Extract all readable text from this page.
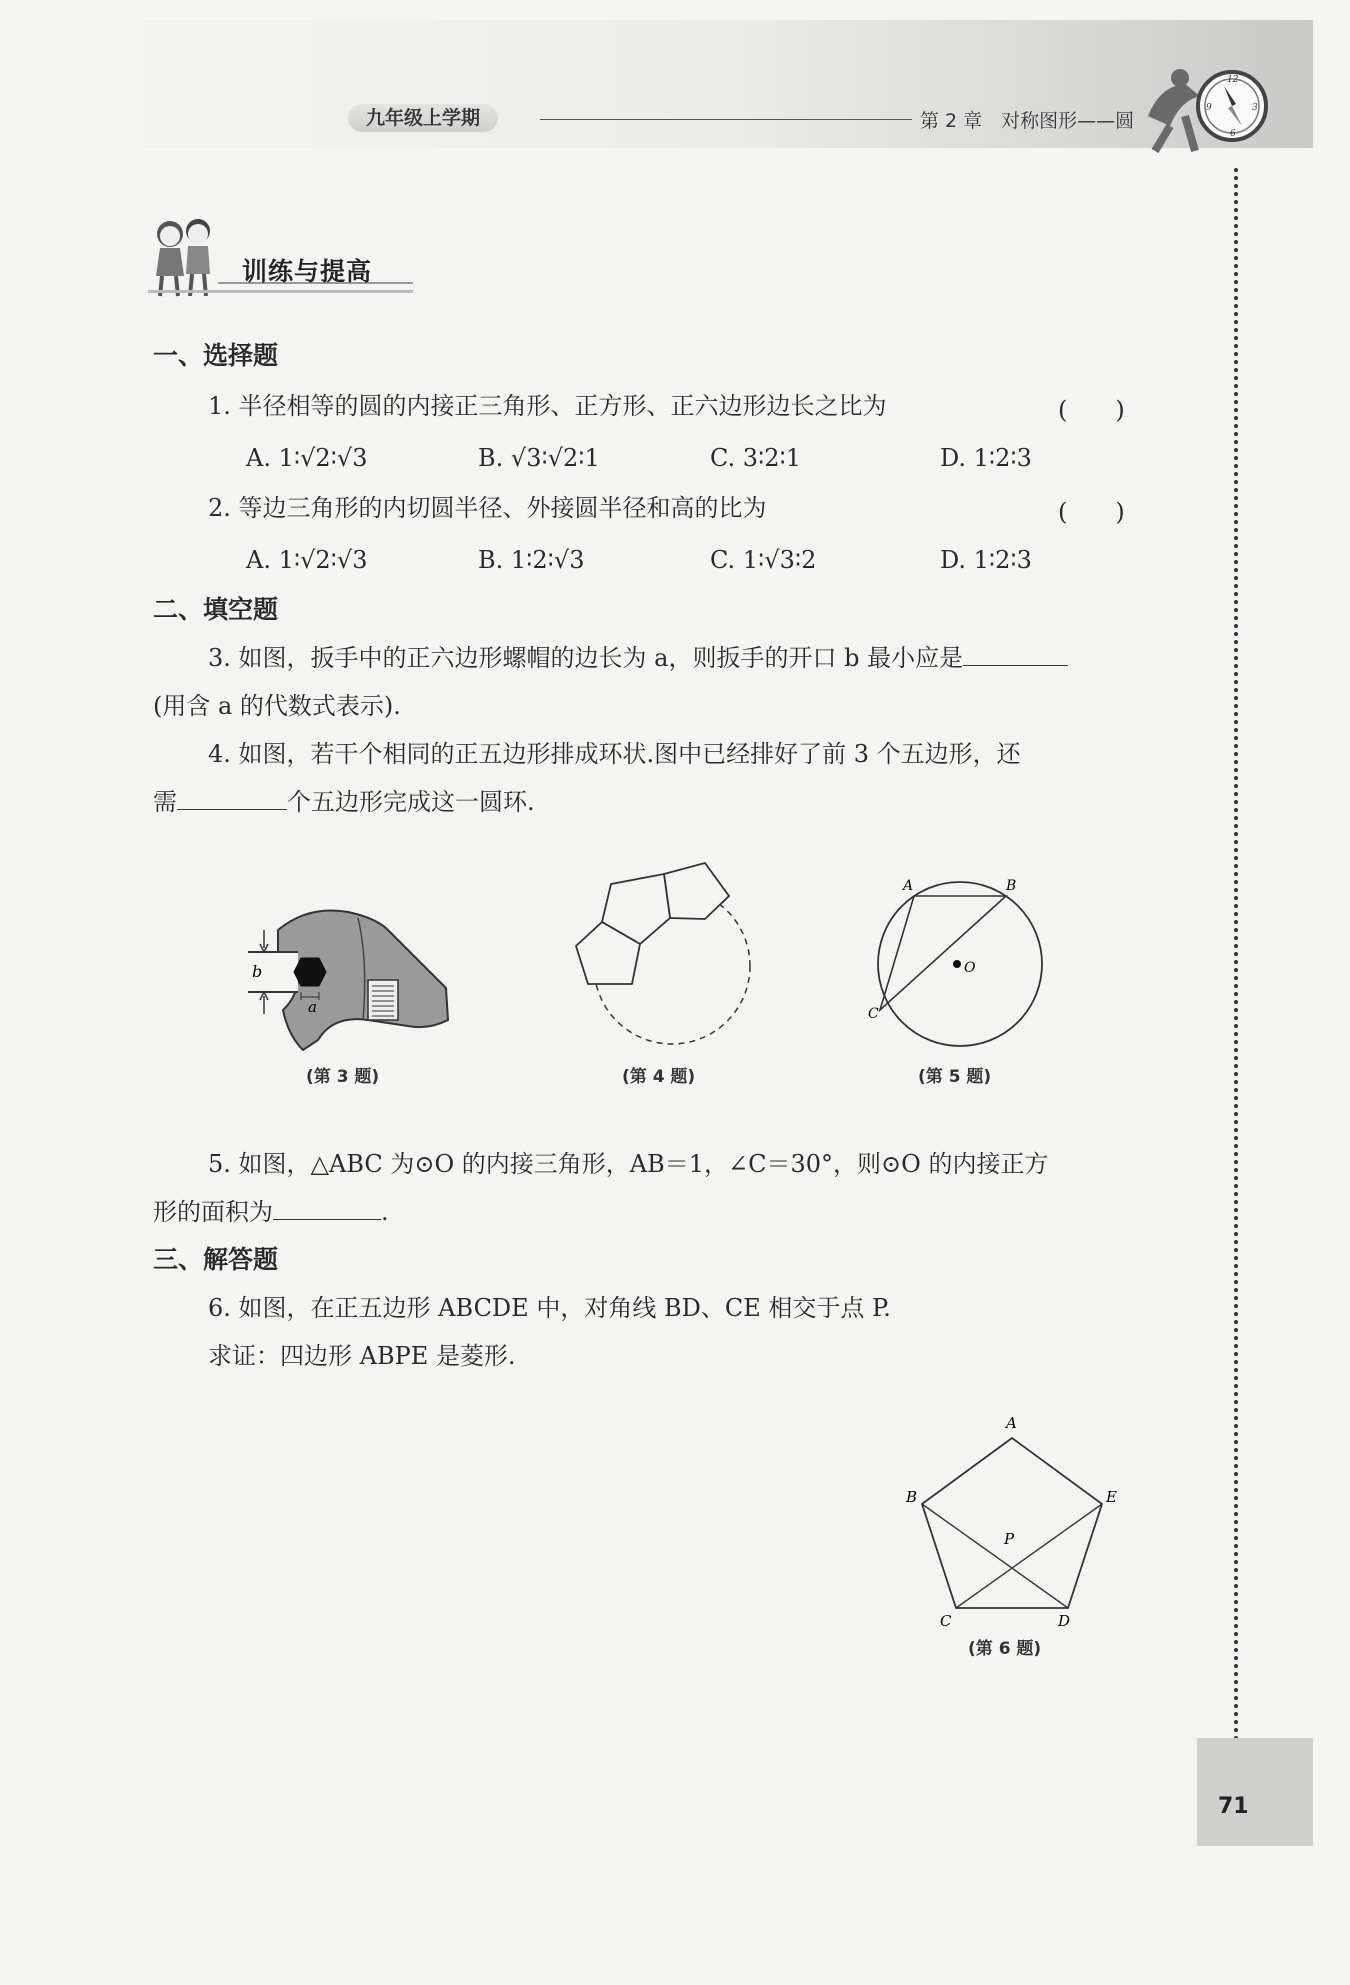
九年级上学期	第 2 章　对称图形——圆
12
3
6
9
训练与提高
一、选择题
1. 半径相等的圆的内接正三角形、正方形、正六边形边长之比为	(　　)
A. 1∶√2∶√3	B. √3∶√2∶1	C. 3∶2∶1	D. 1∶2∶3
2. 等边三角形的内切圆半径、外接圆半径和高的比为	(　　)
A. 1∶√2∶√3	B. 1∶2∶√3	C. 1∶√3∶2	D. 1∶2∶3
二、填空题
3. 如图，扳手中的正六边形螺帽的边长为 a，则扳手的开口 b 最小应是
(用含 a 的代数式表示).
4. 如图，若干个相同的正五边形排成环状.图中已经排好了前 3 个五边形，还
需	个五边形完成这一圆环.
b
a
(第 3 题)	(第 4 题)
A	B
C
O
(第 5 题)
5. 如图，△ABC 为⊙O 的内接三角形，AB＝1，∠C＝30°，则⊙O 的内接正方
形的面积为	.
三、解答题
6. 如图，在正五边形 ABCDE 中，对角线 BD、CE 相交于点 P.
求证：四边形 ABPE 是菱形.
A
B
C	D
E
P
(第 6 题)
71
